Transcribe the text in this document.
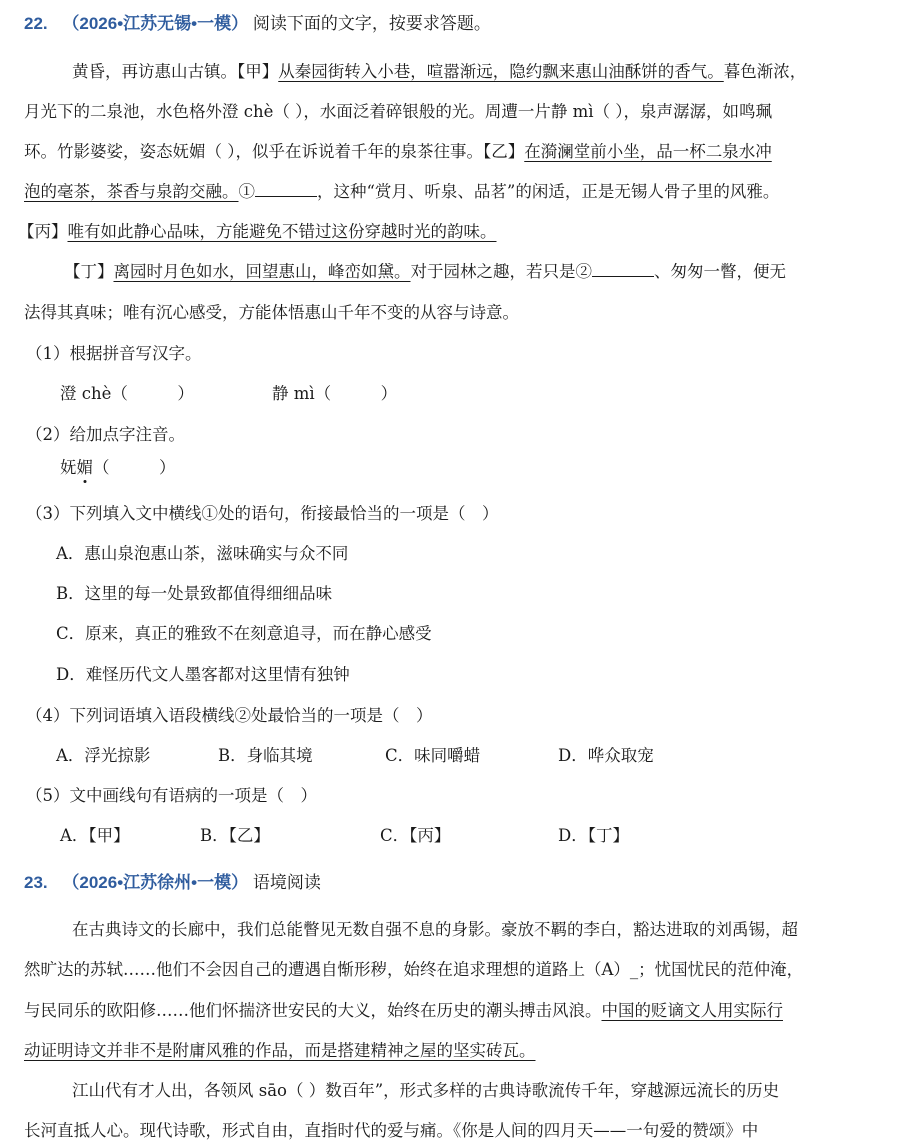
22. （2026•江苏无锡•一模） 阅读下面的文字，按要求答题。
黄昏，再访惠山古镇。【甲】从秦园街转入小巷，喧嚣渐远，隐约飘来惠山油酥饼的香气。暮色渐浓，
月光下的二泉池，水色格外澄 chè（ ），水面泛着碎银般的光。周遭一片静 mì（ ），泉声潺潺，如鸣珮
环。竹影婆娑，姿态妩媚（ ），似乎在诉说着千年的泉茶往事。【乙】在漪澜堂前小坐，品一杯二泉水冲
泡的毫茶，茶香与泉韵交融。①	，这种“赏月、听泉、品茗”的闲适，正是无锡人骨子里的风雅。
【丙】唯有如此静心品味，方能避免不错过这份穿越时光的韵味。
【丁】离园时月色如水，回望惠山，峰峦如黛。对于园林之趣，若只是②	、匆匆一瞥，便无
法得其真味；唯有沉心感受，方能体悟惠山千年不变的从容与诗意。
（1）根据拼音写汉字。
澄 chè（　　　）	静 mì（　　　）
（2）给加点字注音。
妩媚（　　　）
（3）下列填入文中横线①处的语句，衔接最恰当的一项是（　）
A．惠山泉泡惠山茶，滋味确实与众不同
B．这里的每一处景致都值得细细品味
C．原来，真正的雅致不在刻意追寻，而在静心感受
D．难怪历代文人墨客都对这里情有独钟
（4）下列词语填入语段横线②处最恰当的一项是（　）
A．浮光掠影	B．身临其境	C．味同嚼蜡	D．哗众取宠
（5）文中画线句有语病的一项是（　）
A．【甲】	B．【乙】	C．【丙】	D．【丁】
23. （2026•江苏徐州•一模） 语境阅读
在古典诗文的长廊中，我们总能瞥见无数自强不息的身影。豪放不羁的李白，豁达进取的刘禹锡，超
然旷达的苏轼……他们不会因自己的遭遇自惭形秽，始终在追求理想的道路上（A）_；忧国忧民的范仲淹，
与民同乐的欧阳修……他们怀揣济世安民的大义，始终在历史的潮头搏击风浪。中国的贬谪文人用实际行
动证明诗文并非不是附庸风雅的作品，而是搭建精神之屋的坚实砖瓦。
江山代有才人出，各领风 sāo（ ）数百年”，形式多样的古典诗歌流传千年，穿越源远流长的历史
长河直抵人心。现代诗歌，形式自由，直指时代的爱与痛。《你是人间的四月天——一句爱的赞颂》中
